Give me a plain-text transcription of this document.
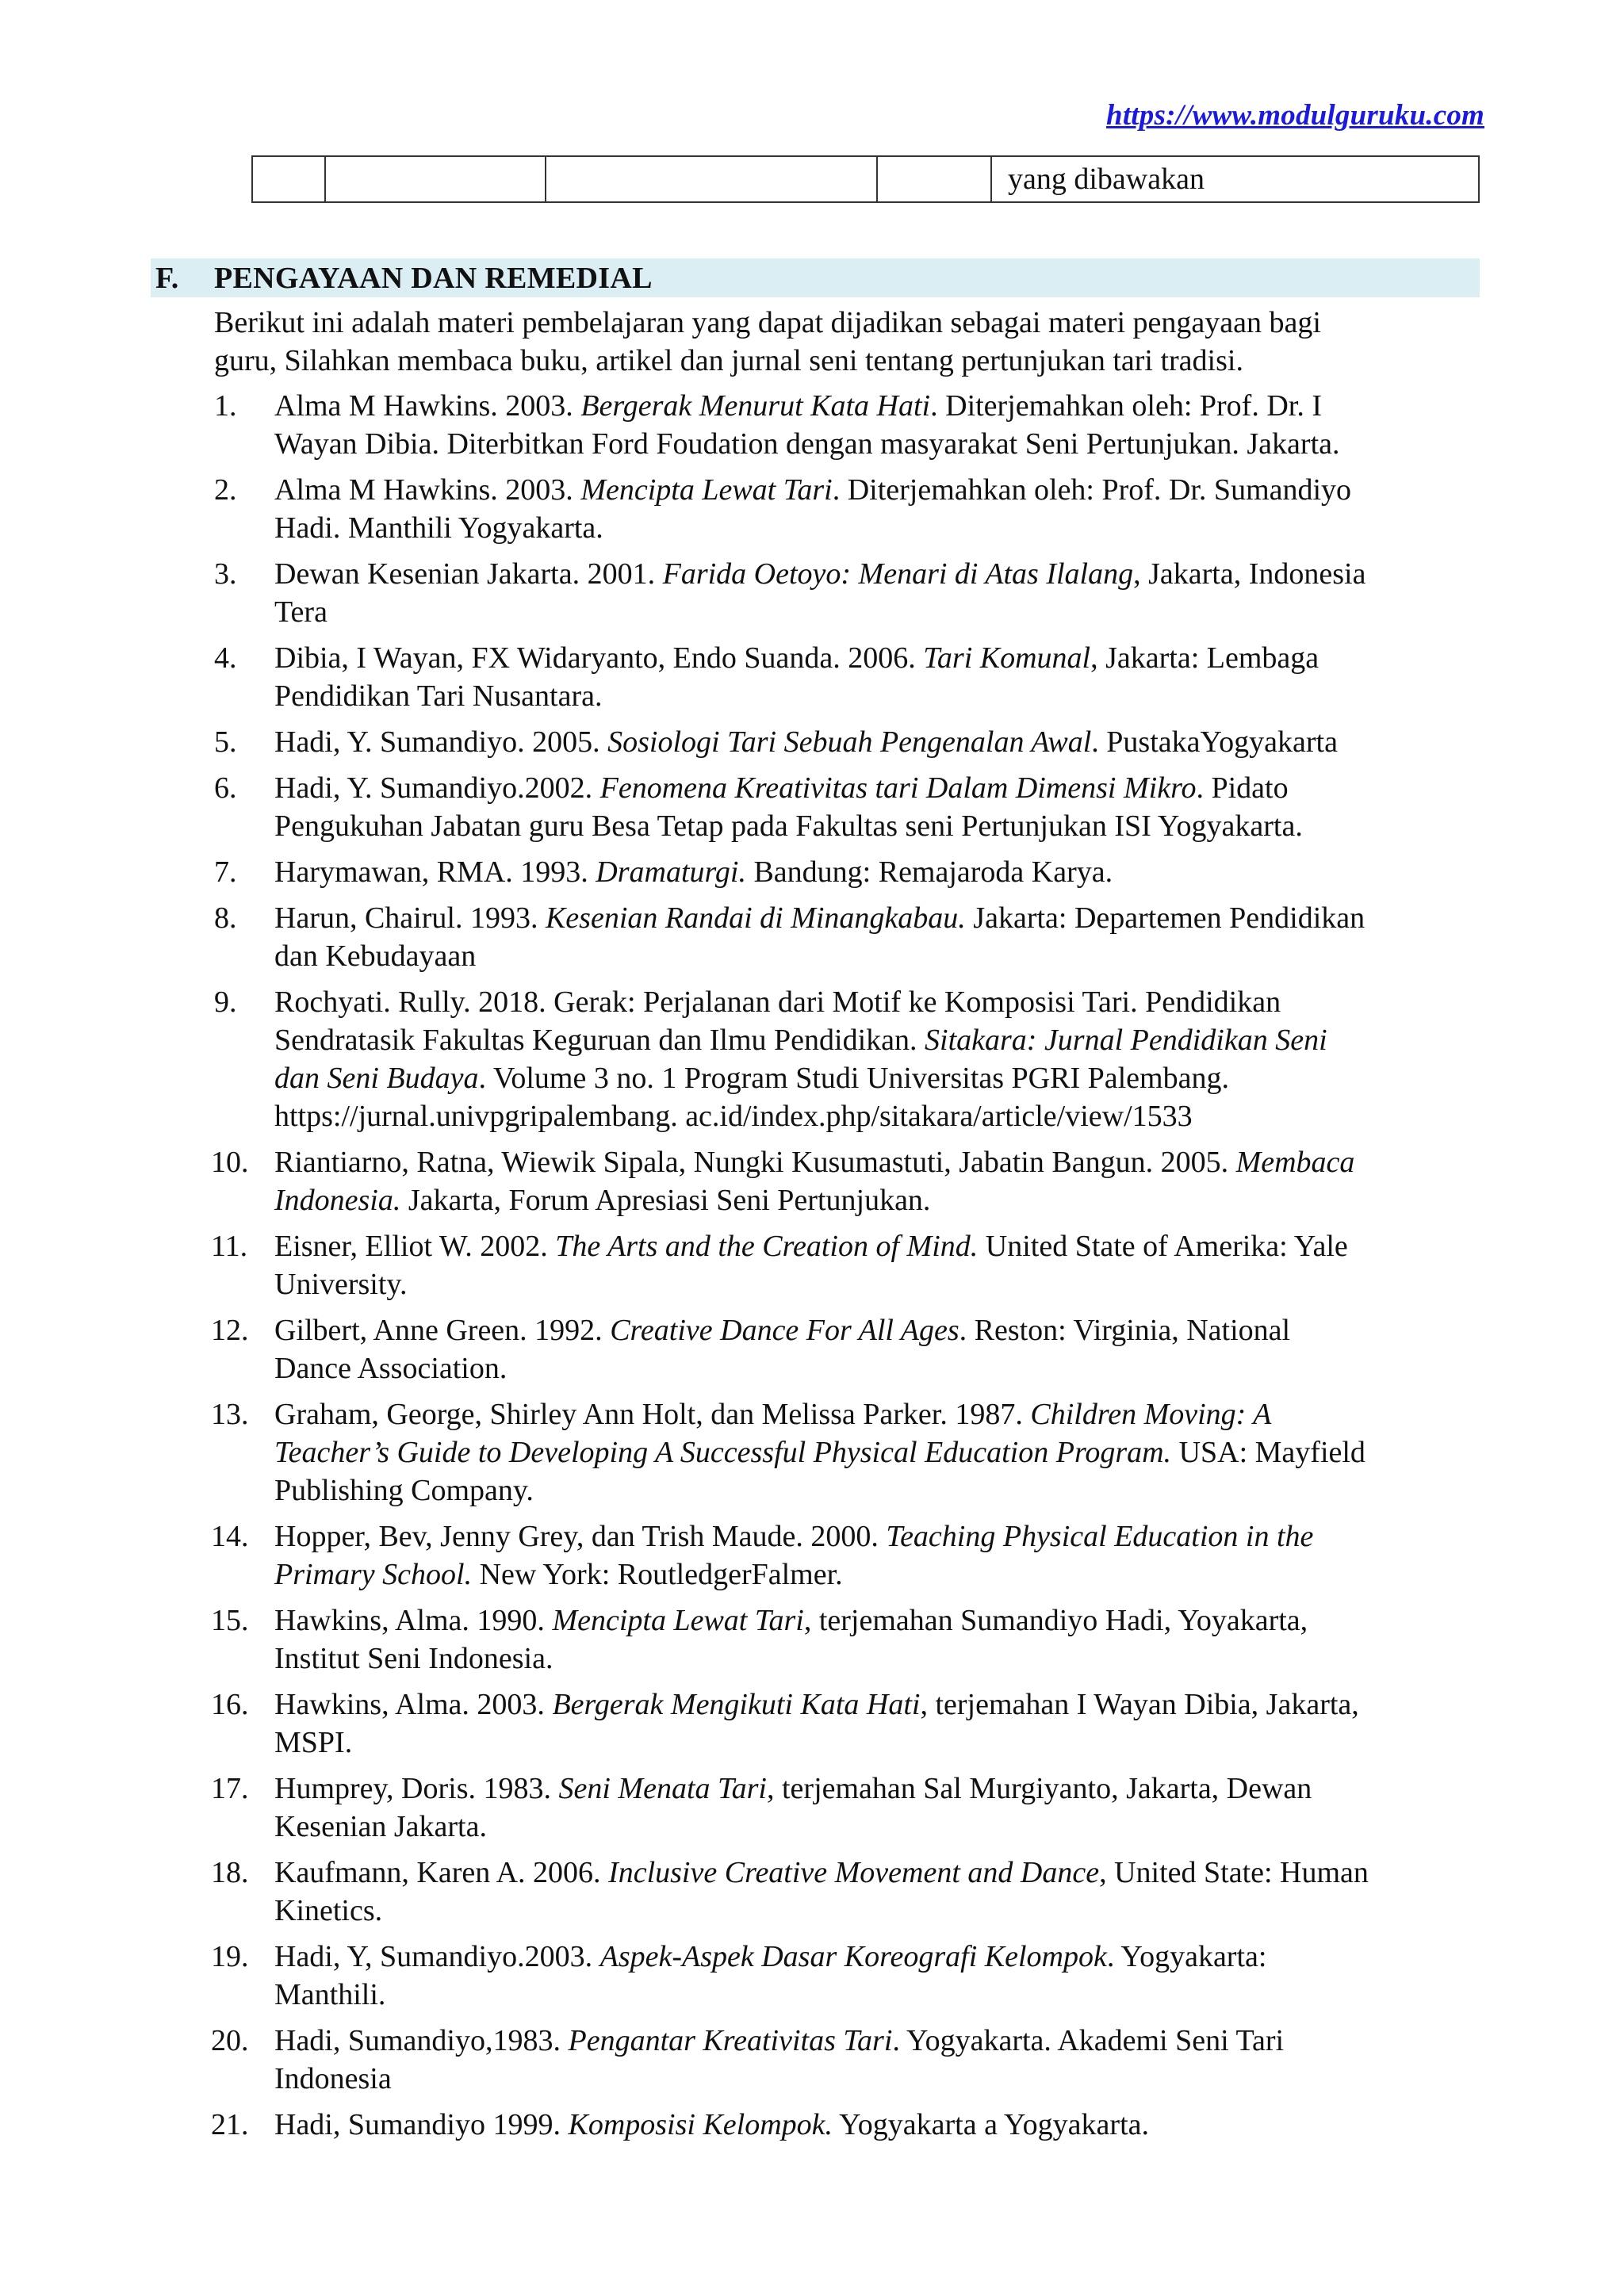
https://www.modulguruku.com
				yang dibawakan
F. PENGAYAAN DAN REMEDIAL

Berikut ini adalah materi pembelajaran yang dapat dijadikan sebagai materi pengayaan bagi

guru, Silahkan membaca buku, artikel dan jurnal seni tentang pertunjukan tari tradisi.

1. Alma M Hawkins. 2003. Bergerak Menurut Kata Hati. Diterjemahkan oleh: Prof. Dr. I
Wayan Dibia. Diterbitkan Ford Foudation dengan masyarakat Seni Pertunjukan. Jakarta.
2. Alma M Hawkins. 2003. Mencipta Lewat Tari. Diterjemahkan oleh: Prof. Dr. Sumandiyo
Hadi. Manthili Yogyakarta.
3. Dewan Kesenian Jakarta. 2001. Farida Oetoyo: Menari di Atas Ilalang, Jakarta, Indonesia
Tera
4. Dibia, I Wayan, FX Widaryanto, Endo Suanda. 2006. Tari Komunal, Jakarta: Lembaga
Pendidikan Tari Nusantara.
5. Hadi, Y. Sumandiyo. 2005. Sosiologi Tari Sebuah Pengenalan Awal. PustakaYogyakarta
6. Hadi, Y. Sumandiyo.2002. Fenomena Kreativitas tari Dalam Dimensi Mikro. Pidato
Pengukuhan Jabatan guru Besa Tetap pada Fakultas seni Pertunjukan ISI Yogyakarta.
7. Harymawan, RMA. 1993. Dramaturgi. Bandung: Remajaroda Karya.
8. Harun, Chairul. 1993. Kesenian Randai di Minangkabau. Jakarta: Departemen Pendidikan
dan Kebudayaan
9. Rochyati. Rully. 2018. Gerak: Perjalanan dari Motif ke Komposisi Tari. Pendidikan
Sendratasik Fakultas Keguruan dan Ilmu Pendidikan. Sitakara: Jurnal Pendidikan Seni
dan Seni Budaya. Volume 3 no. 1 Program Studi Universitas PGRI Palembang.
https://jurnal.univpgripalembang. ac.id/index.php/sitakara/article/view/1533
10. Riantiarno, Ratna, Wiewik Sipala, Nungki Kusumastuti, Jabatin Bangun. 2005. Membaca
Indonesia. Jakarta, Forum Apresiasi Seni Pertunjukan.
11. Eisner, Elliot W. 2002. The Arts and the Creation of Mind. United State of Amerika: Yale
University.
12. Gilbert, Anne Green. 1992. Creative Dance For All Ages. Reston: Virginia, National
Dance Association.
13. Graham, George, Shirley Ann Holt, dan Melissa Parker. 1987. Children Moving: A
Teacher’s Guide to Developing A Successful Physical Education Program. USA: Mayfield
Publishing Company.
14. Hopper, Bev, Jenny Grey, dan Trish Maude. 2000. Teaching Physical Education in the
Primary School. New York: RoutledgerFalmer.
15. Hawkins, Alma. 1990. Mencipta Lewat Tari, terjemahan Sumandiyo Hadi, Yoyakarta,
Institut Seni Indonesia.
16. Hawkins, Alma. 2003. Bergerak Mengikuti Kata Hati, terjemahan I Wayan Dibia, Jakarta,
MSPI.
17. Humprey, Doris. 1983. Seni Menata Tari, terjemahan Sal Murgiyanto, Jakarta, Dewan
Kesenian Jakarta.
18. Kaufmann, Karen A. 2006. Inclusive Creative Movement and Dance, United State: Human
Kinetics.
19. Hadi, Y, Sumandiyo.2003. Aspek-Aspek Dasar Koreografi Kelompok. Yogyakarta:
Manthili.
20. Hadi, Sumandiyo,1983. Pengantar Kreativitas Tari. Yogyakarta. Akademi Seni Tari
Indonesia
21. Hadi, Sumandiyo 1999. Komposisi Kelompok. Yogyakarta a Yogyakarta.
